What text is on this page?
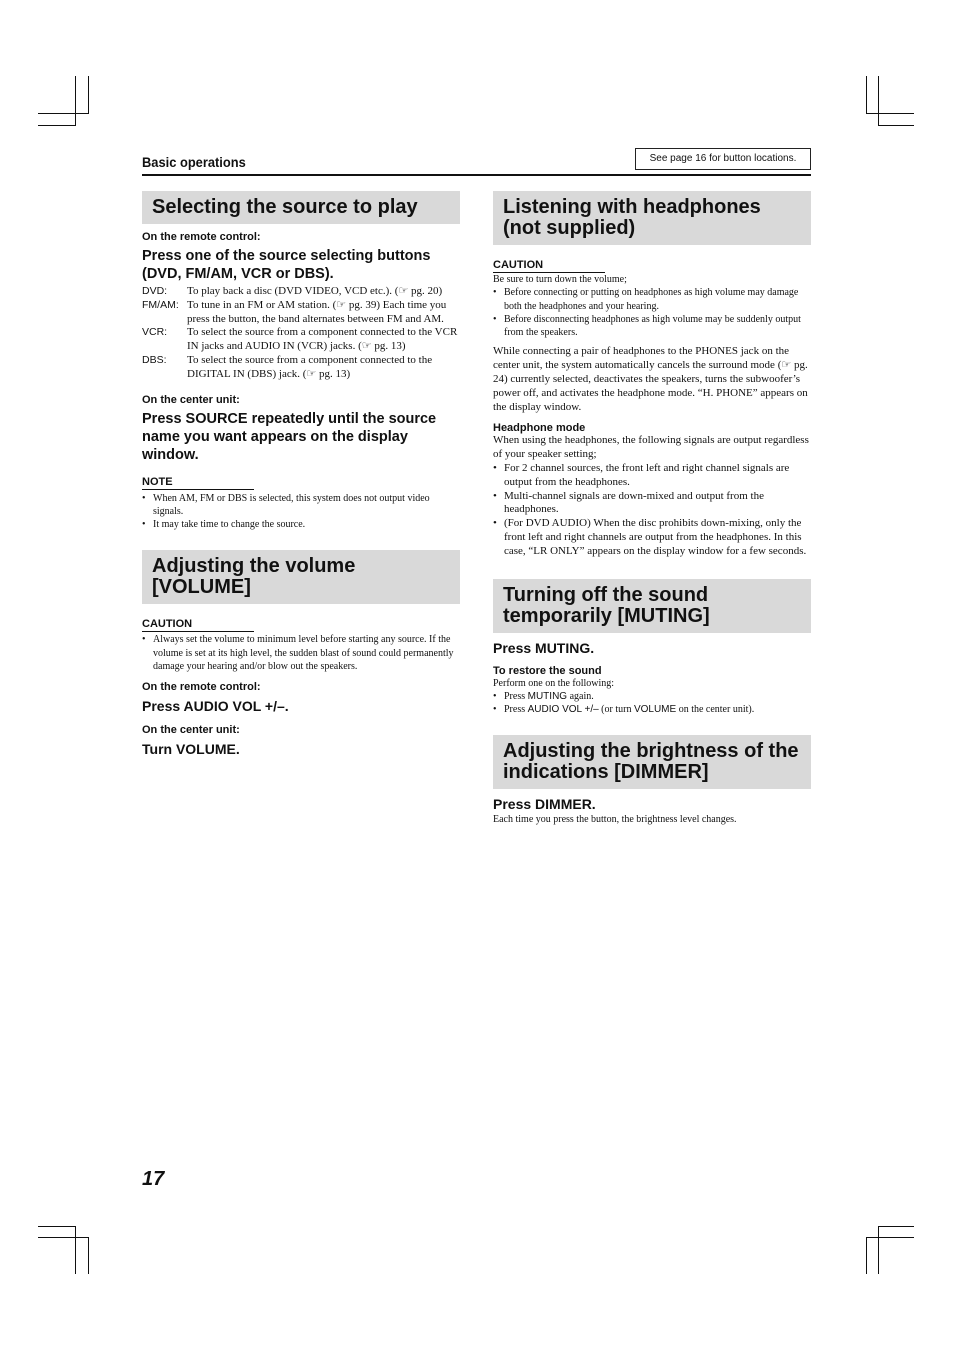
Basic operations	See page 16 for button locations.
Selecting the source to play
On the remote control:
Press one of the source selecting buttons (DVD, FM/AM, VCR or DBS).
DVD:	To play back a disc (DVD VIDEO, VCD etc.). (☞ pg. 20)
FM/AM: To tune in an FM or AM station. (☞ pg. 39) Each time you press the button, the band alternates between FM and AM.
VCR:	To select the source from a component connected to the VCR IN jacks and AUDIO IN (VCR) jacks. (☞ pg. 13)
DBS:	To select the source from a component connected to the DIGITAL IN (DBS) jack. (☞ pg. 13)
On the center unit:
Press SOURCE repeatedly until the source name you want appears on the display window.
NOTE
• When AM, FM or DBS is selected, this system does not output video signals.
• It may take time to change the source.
Adjusting the volume [VOLUME]
CAUTION
• Always set the volume to minimum level before starting any source. If the volume is set at its high level, the sudden blast of sound could permanently damage your hearing and/or blow out the speakers.
On the remote control:
Press AUDIO VOL +/–.
On the center unit:
Turn VOLUME.
Listening with headphones (not supplied)
CAUTION
Be sure to turn down the volume;
• Before connecting or putting on headphones as high volume may damage both the headphones and your hearing.
• Before disconnecting headphones as high volume may be suddenly output from the speakers.
While connecting a pair of headphones to the PHONES jack on the center unit, the system automatically cancels the surround mode (☞ pg. 24) currently selected, deactivates the speakers, turns the subwoofer’s power off, and activates the headphone mode. “H. PHONE” appears on the display window.
Headphone mode
When using the headphones, the following signals are output regardless of your speaker setting;
• For 2 channel sources, the front left and right channel signals are output from the headphones.
• Multi-channel signals are down-mixed and output from the headphones.
• (For DVD AUDIO) When the disc prohibits down-mixing, only the front left and right channels are output from the headphones. In this case, “LR ONLY” appears on the display window for a few seconds.
Turning off the sound temporarily [MUTING]
Press MUTING.
To restore the sound
Perform one on the following:
• Press MUTING again.
• Press AUDIO VOL +/– (or turn VOLUME on the center unit).
Adjusting the brightness of the indications [DIMMER]
Press DIMMER.
Each time you press the button, the brightness level changes.
17
